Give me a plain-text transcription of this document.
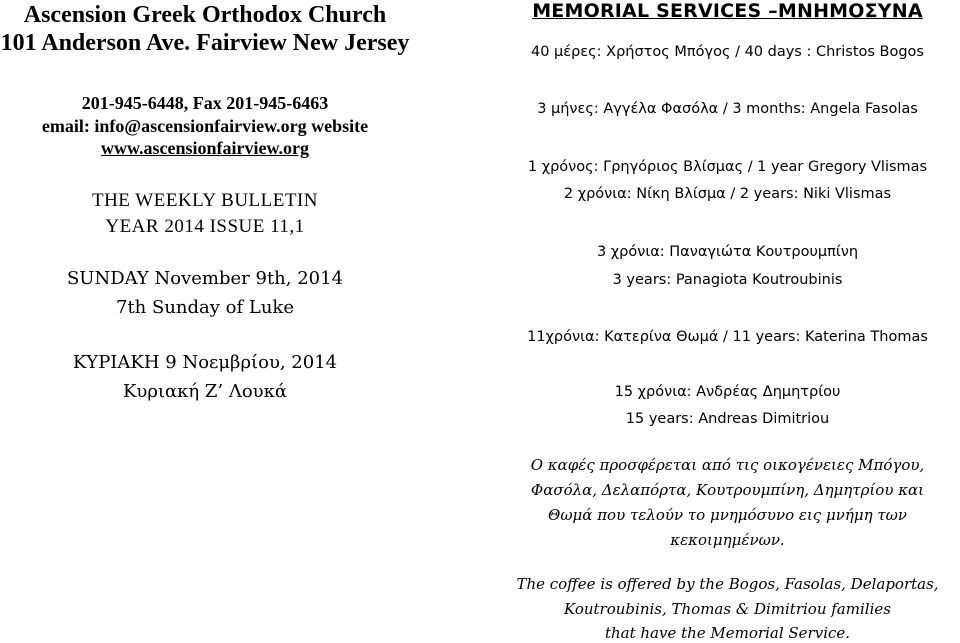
Ascension Greek Orthodox Church
101 Anderson Ave. Fairview New Jersey
201-945-6448, Fax 201-945-6463
email: info@ascensionfairview.org website
www.ascensionfairview.org
THE WEEKLY BULLETIN
YEAR 2014 ISSUE 11,1
SUNDAY November 9th, 2014
7th Sunday of Luke
ΚΥΡΙΑΚΗ 9 Νοεμβρίου, 2014
Κυριακή Ζ’ Λουκά
MEMORIAL SERVICES –ΜΝΗΜΟΣΥΝΑ
40 μέρες: Χρήστος Μπόγος / 40 days : Christos Bogos
3 μήνες: Αγγέλα Φασόλα / 3 months: Angela Fasolas
1 χρόνος: Γρηγόριος Βλίσμας / 1 year Gregory Vlismas
2 χρόνια: Νίκη Βλίσμα / 2 years: Niki Vlismas
3 χρόνια: Παναγιώτα Κουτρουμπίνη
3 years: Panagiota Koutroubinis
11χρόνια: Κατερίνα Θωμά / 11 years: Katerina Thomas
15 χρόνια: Ανδρέας Δημητρίου
15 years: Andreas Dimitriou
Ο καφές προσφέρεται από τις οικογένειες Μπόγου,
Φασόλα, Δελαπόρτα, Κουτρουμπίνη, Δημητρίου και
Θωμά που τελούν το μνημόσυνο εις μνήμη των
κεκοιμημένων.
The coffee is offered by the Bogos, Fasolas, Delaportas,
Koutroubinis, Thomas & Dimitriou families
that have the Memorial Service.
